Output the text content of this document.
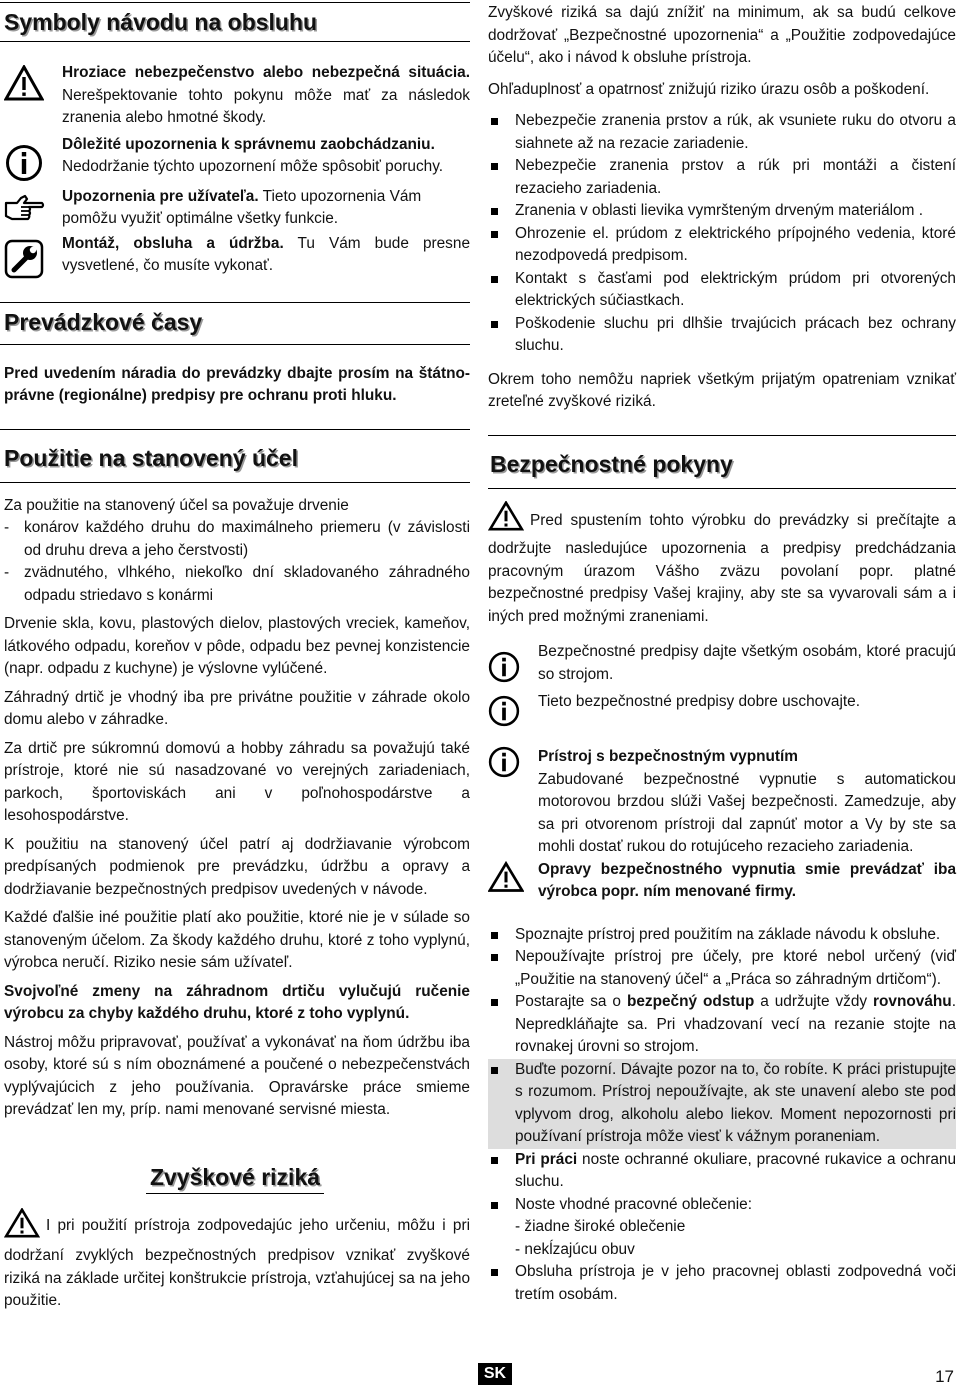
Symboly návodu na obsluhu
Hroziace nebezpečenstvo alebo nebezpečná situácia. Nerešpektovanie tohto pokynu môže mať za následok zranenia alebo hmotné škody.
Dôležité upozornenia k správnemu zaobchádzaniu. Nedodržanie týchto upozornení môže spôsobiť poruchy.
Upozornenia pre užívateľa. Tieto upozornenia Vám pomôžu využiť optimálne všetky funkcie.
Montáž, obsluha a údržba. Tu Vám bude presne vysvetlené, čo musíte vykonať.
Prevádzkové časy

Pred uvedením náradia do prevádzky dbajte prosím na štátno-právne (regionálne) predpisy pre ochranu proti hluku.

Použitie na stanovený účel

Za použitie na stanovený účel sa považuje drvenie

- konárov každého druhu do maximálneho priemeru (v závislosti od druhu dreva a jeho čerstvosti)
- zvädnutého, vlhkého, niekoľko dní skladovaného záhradného odpadu striedavo s konármi

Drvenie skla, kovu, plastových dielov, plastových vreciek, kameňov, látkového odpadu, koreňov v pôde, odpadu bez pevnej konzistencie (napr. odpadu z kuchyne) je výslovne vylúčené.

Záhradný drtič je vhodný iba pre privátne použitie v záhrade okolo domu alebo v záhradke.

Za drtič pre súkromnú domovú a hobby záhradu sa považujú také prístroje, ktoré nie sú nasadzované vo verejných zariadeniach, parkoch, športoviskách ani v poľnohospodárstve a lesohospodárstve.

K použitiu na stanovený účel patrí aj dodržiavanie výrobcom predpísaných podmienok pre prevádzku, údržbu a opravy a dodržiavanie bezpečnostných predpisov uvedených v návode.

Každé ďalšie iné použitie platí ako použitie, ktoré nie je v súlade so stanoveným účelom. Za škody každého druhu, ktoré z toho vyplynú, výrobca neručí. Riziko nesie sám užívateľ.

Svojvoľné zmeny na záhradnom drtiču vylučujú ručenie výrobcu za chyby každého druhu, ktoré z toho vyplynú.

Nástroj môžu pripravovať, používať a vykonávať na ňom údržbu iba osoby, ktoré sú s ním oboznámené a poučené o nebezpečenstvách vyplývajúcich z jeho používania. Opravárske práce smieme prevádzať len my, príp. nami menované servisné miesta.

Zvyškové riziká
I pri použití prístroja zodpovedajúc jeho určeniu, môžu i pri dodržaní zvyklých bezpečnostných predpisov vznikať zvyškové riziká na základe určitej konštrukcie prístroja, vzťahujúcej sa na jeho použitie.

Zvyškové riziká sa dajú znížiť na minimum, ak sa budú celkove dodržovať „Bezpečnostné upozornenia“ a „Použitie zodpovedajúce účelu“, ako i návod k obsluhe prístroja.

Ohľaduplnosť a opatrnosť znižujú riziko úrazu osôb a poškodení.

Nebezpečie zranenia prstov a rúk, ak vsuniete ruku do otvoru a siahnete až na rezacie zariadenie.
Nebezpečie zranenia prstov a rúk pri montáži a čistení rezacieho zariadenia.
Zranenia v oblasti lievika vymršteným drveným materiálom .
Ohrozenie el. prúdom z elektrického prípojného vedenia, ktoré nezodpovedá predpisom.
Kontakt s časťami pod elektrickým prúdom pri otvorených elektrických súčiastkach.
Poškodenie sluchu pri dlhšie trvajúcich prácach bez ochrany sluchu.

Okrem toho nemôžu napriek všetkým prijatým opatreniam vznikať zreteľné zvyškové riziká.

Bezpečnostné pokyny
Pred spustením tohto výrobku do prevádzky si prečítajte a dodržujte nasledujúce upozornenia a predpisy predchádzania pracovným úrazom Vášho zväzu povolaní popr. platné bezpečnostné predpisy Vašej krajiny, aby ste sa vyvarovali sám a i iných pred možnými zraneniami.
Bezpečnostné predpisy dajte všetkým osobám, ktoré pracujú so strojom.
Tieto bezpečnostné predpisy dobre uschovajte.
Prístroj s bezpečnostným vypnutím
Zabudované bezpečnostné vypnutie s automatickou motorovou brzdou slúži Vašej bezpečnosti. Zamedzuje, aby sa pri otvorenom prístroji dal zapnúť motor a Vy by ste sa mohli dostať rukou do rotujúceho rezacieho zariadenia.
Opravy bezpečnostného vypnutia smie prevádzať iba výrobca popr. ním menované firmy.
Spoznajte prístroj pred použitím na základe návodu k obsluhe.
Nepoužívajte prístroj pre účely, pre ktoré nebol určený (viď „Použitie na stanovený účel“ a „Práca so záhradným drtičom“).
Postarajte sa o bezpečný odstup a udržujte vždy rovnováhu. Nepredkláňajte sa. Pri vhadzovaní vecí na rezanie stojte na rovnakej úrovni so strojom.
Buďte pozorní. Dávajte pozor na to, čo robíte. K práci pristupujte s rozumom. Prístroj nepoužívajte, ak ste unavení alebo ste pod vplyvom drog, alkoholu alebo liekov. Moment nepozornosti pri používaní prístroja môže viesť k vážnym poraneniam.
Pri práci noste ochranné okuliare, pracovné rukavice a ochranu sluchu.
Noste vhodné pracovné oblečenie:
- žiadne široké oblečenie
- nekĺzajúcu obuv
Obsluha prístroja je v jeho pracovnej oblasti zodpovedná voči tretím osobám.
SK	17
